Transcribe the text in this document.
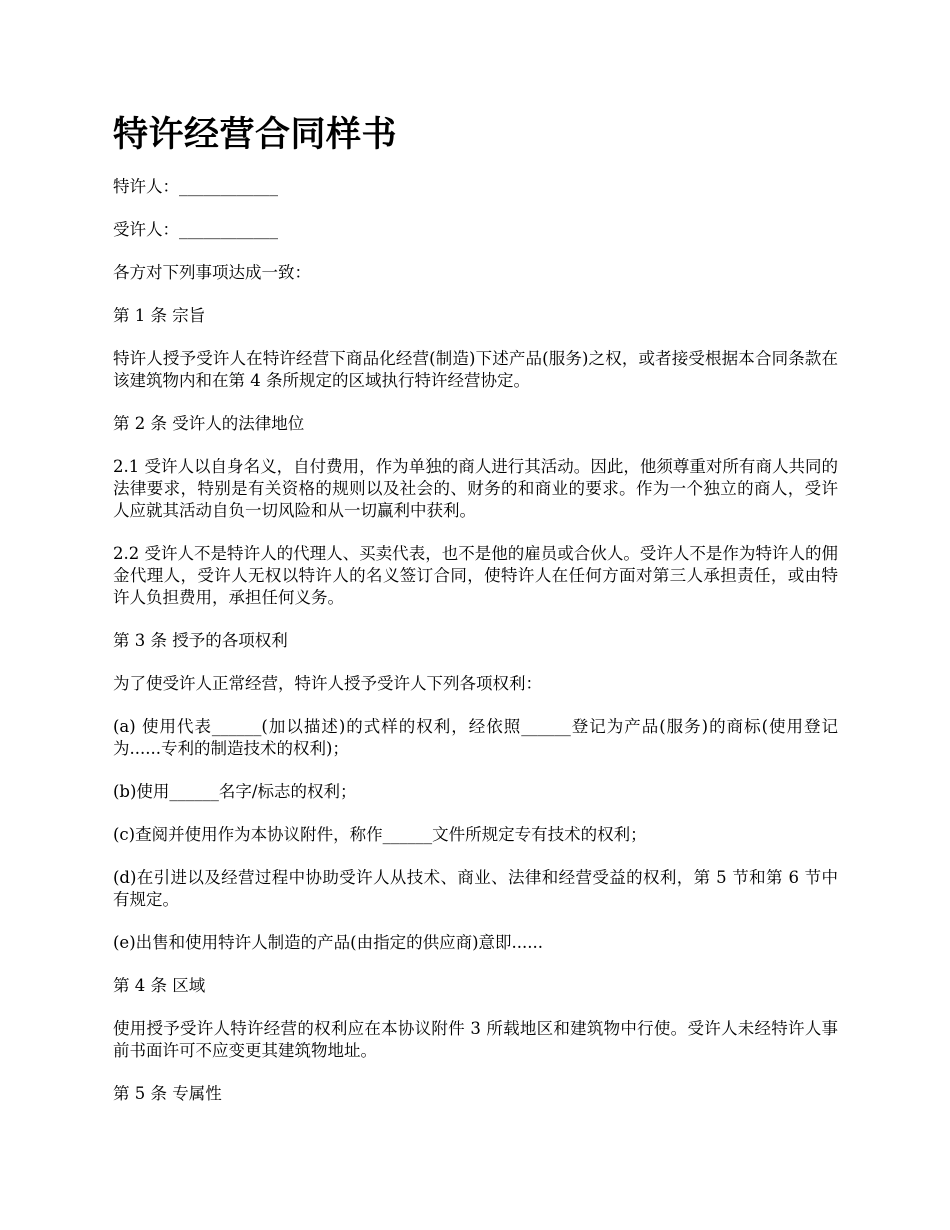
特许经营合同样书

特许人：____________

受许人：____________

各方对下列事项达成一致：

第 1 条 宗旨

特许人授予受许人在特许经营下商品化经营(制造)下述产品(服务)之权，或者接受根据本合同条款在该建筑物内和在第 4 条所规定的区域执行特许经营协定。

第 2 条 受许人的法律地位

2.1 受许人以自身名义，自付费用，作为单独的商人进行其活动。因此，他须尊重对所有商人共同的法律要求，特别是有关资格的规则以及社会的、财务的和商业的要求。作为一个独立的商人，受许人应就其活动自负一切风险和从一切赢利中获利。

2.2 受许人不是特许人的代理人、买卖代表，也不是他的雇员或合伙人。受许人不是作为特许人的佣金代理人，受许人无权以特许人的名义签订合同，使特许人在任何方面对第三人承担责任，或由特许人负担费用，承担任何义务。

第 3 条 授予的各项权利

为了使受许人正常经营，特许人授予受许人下列各项权利：

(a) 使用代表______(加以描述)的式样的权利，经依照______登记为产品(服务)的商标(使用登记为......专利的制造技术的权利)；

(b)使用______名字/标志的权利；

(c)查阅并使用作为本协议附件，称作______文件所规定专有技术的权利；

(d)在引进以及经营过程中协助受许人从技术、商业、法律和经营受益的权利，第 5 节和第 6 节中有规定。

(e)出售和使用特许人制造的产品(由指定的供应商)意即......

第 4 条 区域

使用授予受许人特许经营的权利应在本协议附件 3 所载地区和建筑物中行使。受许人未经特许人事前书面许可不应变更其建筑物地址。

第 5 条 专属性
